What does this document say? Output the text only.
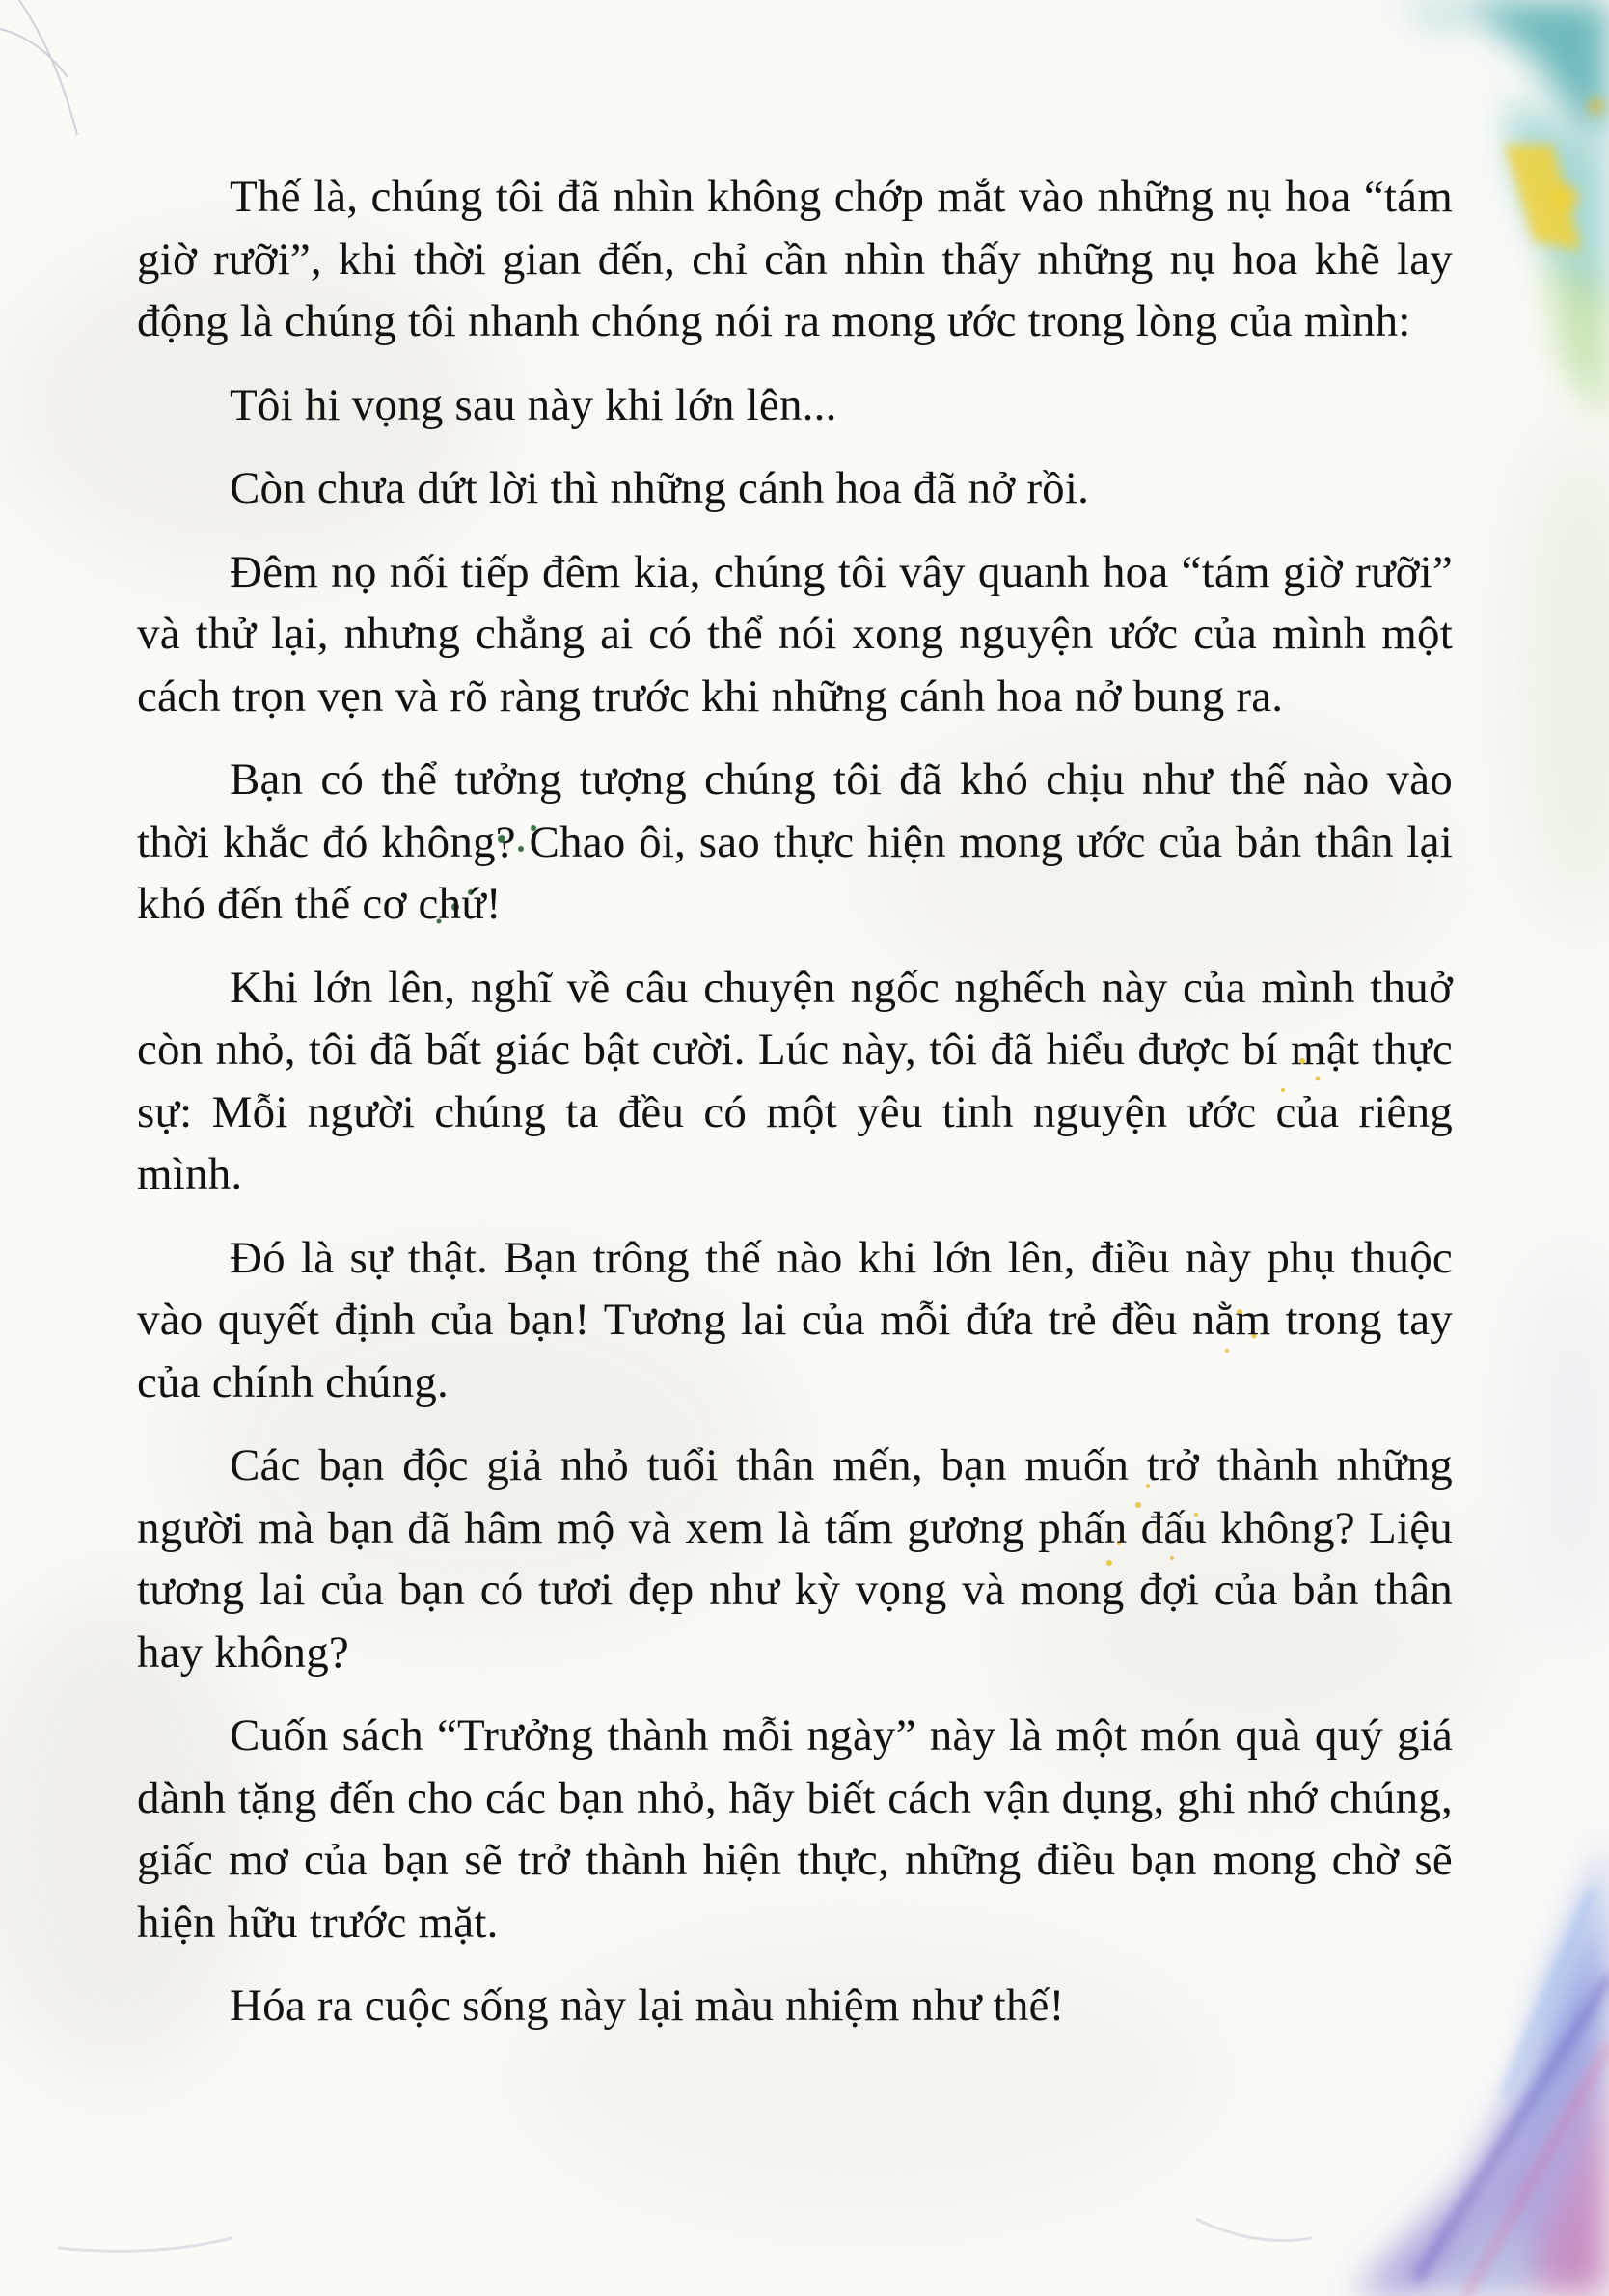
Thế là, chúng tôi đã nhìn không chớp mắt vào những nụ hoa “tám giờ rưỡi”, khi thời gian đến, chỉ cần nhìn thấy những nụ hoa khẽ lay động là chúng tôi nhanh chóng nói ra mong ước trong lòng của mình:

Tôi hi vọng sau này khi lớn lên...

Còn chưa dứt lời thì những cánh hoa đã nở rồi.

Đêm nọ nối tiếp đêm kia, chúng tôi vây quanh hoa “tám giờ rưỡi” và thử lại, nhưng chẳng ai có thể nói xong nguyện ước của mình một cách trọn vẹn và rõ ràng trước khi những cánh hoa nở bung ra.

Bạn có thể tưởng tượng chúng tôi đã khó chịu như thế nào vào thời khắc đó không? Chao ôi, sao thực hiện mong ước của bản thân lại khó đến thế cơ chứ!

Khi lớn lên, nghĩ về câu chuyện ngốc nghếch này của mình thuở còn nhỏ, tôi đã bất giác bật cười. Lúc này, tôi đã hiểu được bí mật thực sự: Mỗi người chúng ta đều có một yêu tinh nguyện ước của riêng mình.

Đó là sự thật. Bạn trông thế nào khi lớn lên, điều này phụ thuộc vào quyết định của bạn! Tương lai của mỗi đứa trẻ đều nằm trong tay của chính chúng.

Các bạn độc giả nhỏ tuổi thân mến, bạn muốn trở thành những người mà bạn đã hâm mộ và xem là tấm gương phấn đấu không? Liệu tương lai của bạn có tươi đẹp như kỳ vọng và mong đợi của bản thân hay không?

Cuốn sách “Trưởng thành mỗi ngày” này là một món quà quý giá dành tặng đến cho các bạn nhỏ, hãy biết cách vận dụng, ghi nhớ chúng, giấc mơ của bạn sẽ trở thành hiện thực, những điều bạn mong chờ sẽ hiện hữu trước mặt.

Hóa ra cuộc sống này lại màu nhiệm như thế!
